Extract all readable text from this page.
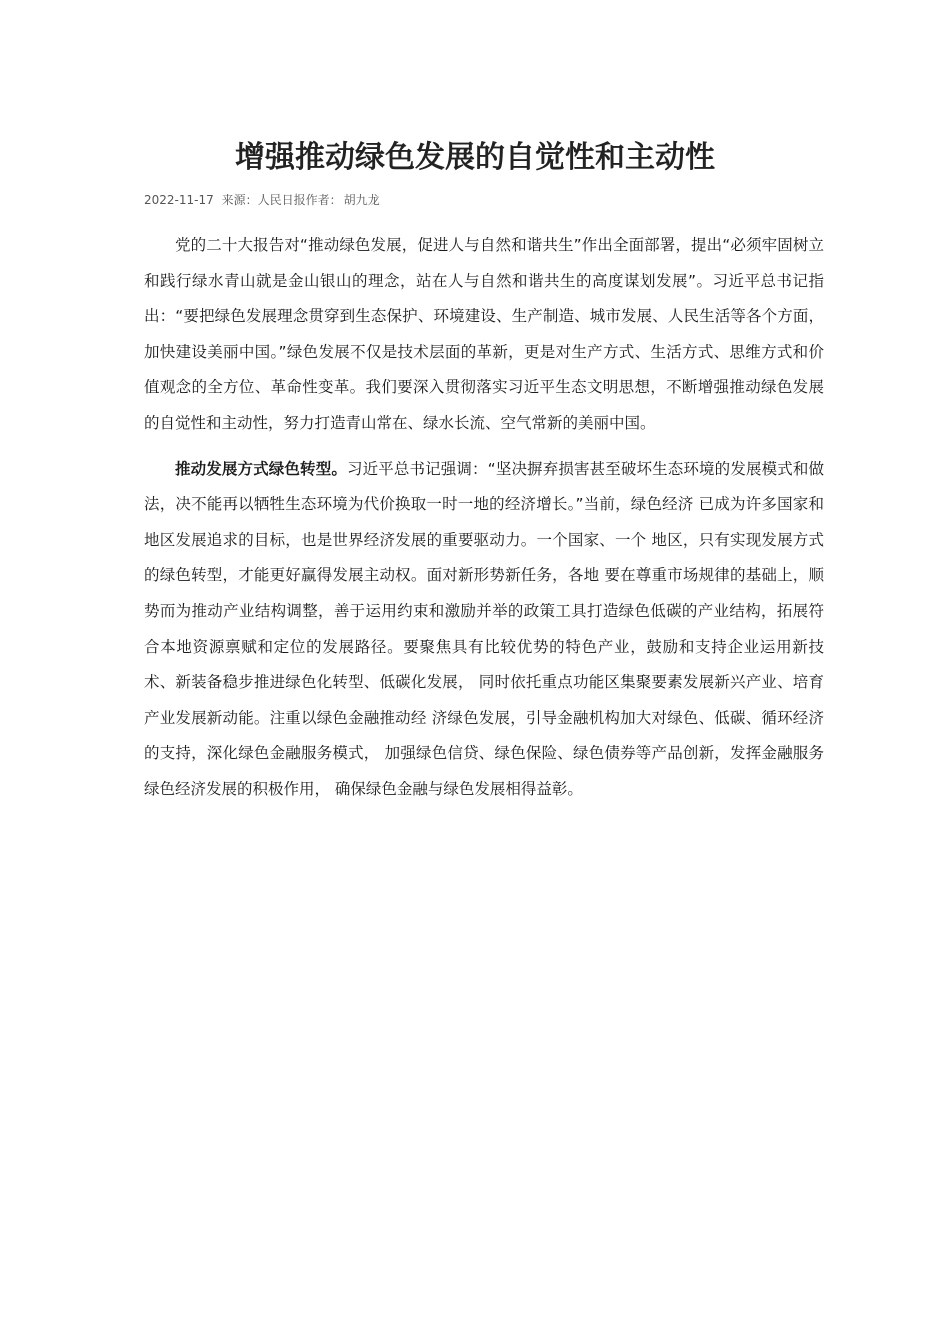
增强推动绿色发展的自觉性和主动性
2022-11-17 来源：人民日报作者： 胡九龙

党的二十大报告对“推动绿色发展，促进人与自然和谐共生”作出全面部署，提出“必须牢固树立和践行绿水青山就是金山银山的理念，站在人与自然和谐共生的高度谋划发展”。习近平总书记指出：“要把绿色发展理念贯穿到生态保护、环境建设、生产制造、城市发展、人民生活等各个方面，加快建设美丽中国。”绿色发展不仅是技术层面的革新，更是对生产方式、生活方式、思维方式和价值观念的全方位、革命性变革。我们要深入贯彻落实习近平生态文明思想，不断增强推动绿色发展的自觉性和主动性，努力打造青山常在、绿水长流、空气常新的美丽中国。

推动发展方式绿色转型。习近平总书记强调：“坚决摒弃损害甚至破坏生态环境的发展模式和做法，决不能再以牺牲生态环境为代价换取一时一地的经济增长。”当前，绿色经济 已成为许多国家和地区发展追求的目标，也是世界经济发展的重要驱动力。一个国家、一个 地区，只有实现发展方式的绿色转型，才能更好赢得发展主动权。面对新形势新任务，各地 要在尊重市场规律的基础上，顺势而为推动产业结构调整，善于运用约束和激励并举的政策工具打造绿色低碳的产业结构，拓展符合本地资源禀赋和定位的发展路径。要聚焦具有比较优势的特色产业，鼓励和支持企业运用新技术、新装备稳步推进绿色化转型、低碳化发展， 同时依托重点功能区集聚要素发展新兴产业、培育产业发展新动能。注重以绿色金融推动经 济绿色发展，引导金融机构加大对绿色、低碳、循环经济的支持，深化绿色金融服务模式， 加强绿色信贷、绿色保险、绿色债券等产品创新，发挥金融服务绿色经济发展的积极作用， 确保绿色金融与绿色发展相得益彰。
